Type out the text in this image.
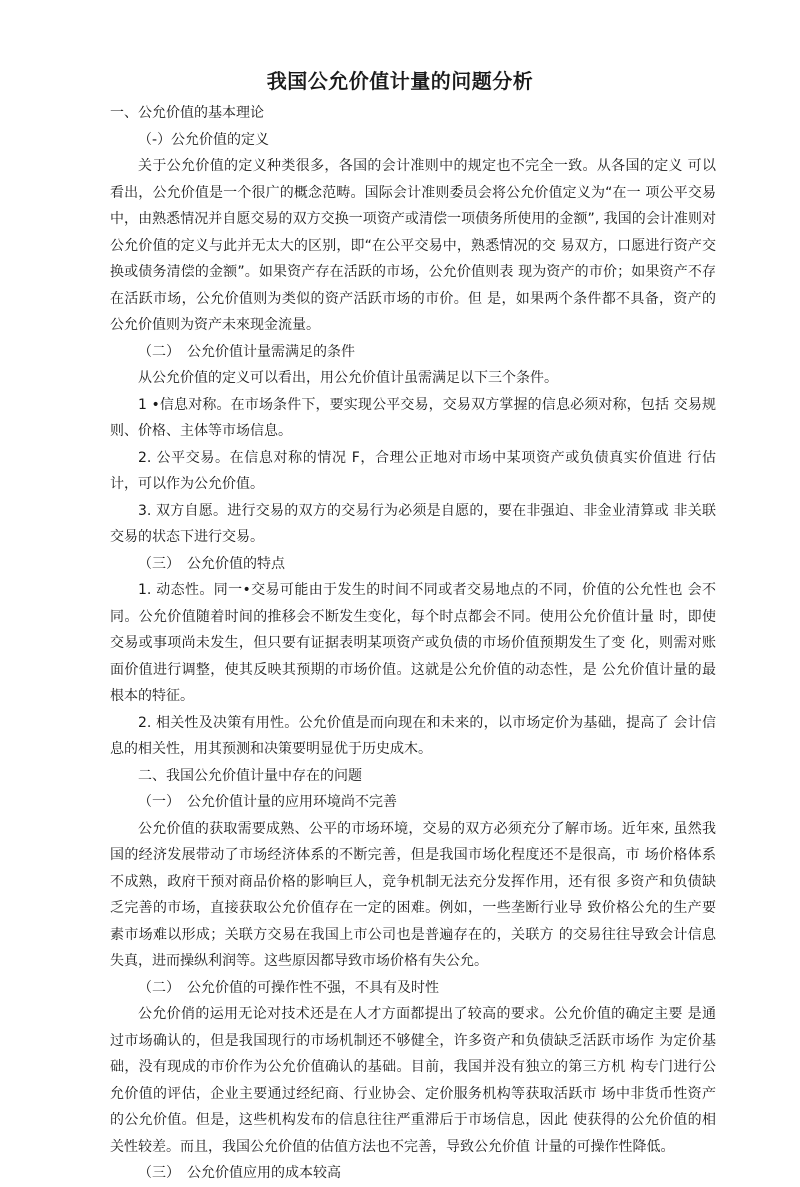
我国公允价值计量的问题分析

一、公允价值的基本理论

（-）公允价值的定义

关于公允价值的定义种类很多，各国的会计准则中的规定也不完全一致。从各国的定义 可以看出，公允价值是一个很广的概念范畴。国际会计准则委员会将公允价值定义为“在一 项公平交易中，由熟悉情况并自愿交易的双方交换一项资产或清偿一项债务所使用的金额”, 我国的会计准则对公允价值的定义与此并无太大的区别，即“在公平交易中，熟悉情况的交 易双方，口愿进行资产交换或债务清偿的金额”。如果资产存在活跃的市场，公允价值则表 现为资产的市价；如果资产不存在活跃市场，公允价值则为类似的资产活跃市场的市价。但 是，如果两个条件都不具备，资产的公允价值则为资产未來现金流量。

（二）　公允价值计量需满足的条件

从公允价值的定义可以看出，用公允价值计虽需满足以下三个条件。

1 •信息对称。在市场条件下，要实现公平交易，交易双方掌握的信息必须对称，包括 交易规则、价格、主体等市场信息。

2. 公平交易。在信息对称的情况 F，合理公正地对市场中某项资产或负债真实价值进 行估计，可以作为公允价值。

3. 双方自愿。进行交易的双方的交易行为必须是自愿的，要在非强迫、非金业清算或 非关联交易的状态下进行交易。

（三）　公允价值的特点

1. 动态性。同一•交易可能由于发生的时间不同或者交易地点的不同，价值的公允性也 会不同。公允价值随着时间的推移会不断发生变化，每个时点都会不同。使用公允价值计量 时，即使交易或事项尚未发生，但只要有证据表明某项资产或负债的市场价值预期发生了变 化，则需对账面价值进行调整，使其反映其预期的市场价值。这就是公允价值的动态性，是 公允价值计量的最根本的特征。

2. 相关性及决策有用性。公允价值是而向现在和未来的，以市场定价为基础，提高了 会计信息的相关性，用其预测和决策要明显优于历史成木。

二、我国公允价值计量中存在的问题

（一）　公允价值计量的应用环境尚不完善

公允价值的获取需要成熟、公平的市场环境，交易的双方必须充分了解市场。近年來, 虽然我国的经济发展带动了市场经济体系的不断完善，但是我国市场化程度还不是很高，市 场价格体系不成熟，政府干预对商品价格的影响巨人，竞争机制无法充分发挥作用，还有很 多资产和负债缺乏完善的市场，直接获取公允价值存在一定的困难。例如，一些垄断行业导 致价格公允的生产要素市场难以形成；关联方交易在我国上市公司也是普遍存在的，关联方 的交易往往导致会计信息失真，进而操纵利润等。这些原因都导致市场价格有失公允。

（二）　公允价值的可操作性不强，不具有及时性

公允价俏的运用无论对技术还是在人才方面都提出了较高的要求。公允价值的确定主要 是通过市场确认的，但是我国现行的市场机制还不够健全，许多资产和负债缺乏活跃市场作 为定价基础，没有现成的市价作为公允价值确认的基础。目前，我国并没有独立的第三方机 构专门进行公允价值的评估，企业主要通过经纪商、行业协会、定价服务机构等获取活跃市 场中非货币性资产的公允价值。但是，这些机构发布的信息往往严重滞后于市场信息，因此 使获得的公允价值的相关性较差。而且，我国公允价值的估值方法也不完善，导致公允价值 计量的可操作性降低。

（三）　公允价值应用的成本较高
